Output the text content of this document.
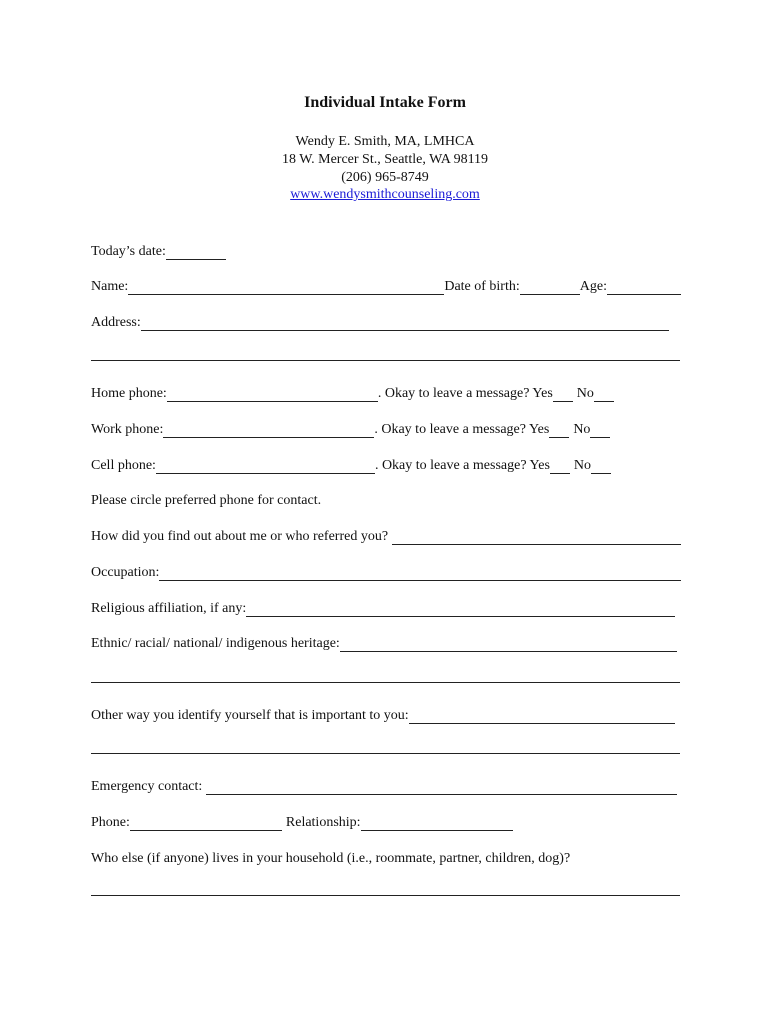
Individual Intake Form
Wendy E. Smith, MA, LMHCA
18 W. Mercer St., Seattle, WA 98119
(206) 965-8749
www.wendysmithcounseling.com
Today’s date:
Name:	Date of birth:	Age:
Address:
Home phone:	. Okay to leave a message? Yes No
Work phone:	. Okay to leave a message? Yes No
Cell phone:	. Okay to leave a message? Yes No
Please circle preferred phone for contact.
How did you find out about me or who referred you?
Occupation:
Religious affiliation, if any:
Ethnic/ racial/ national/ indigenous heritage:
Other way you identify yourself that is important to you:
Emergency contact:
Phone:	Relationship:
Who else (if anyone) lives in your household (i.e., roommate, partner, children, dog)?
